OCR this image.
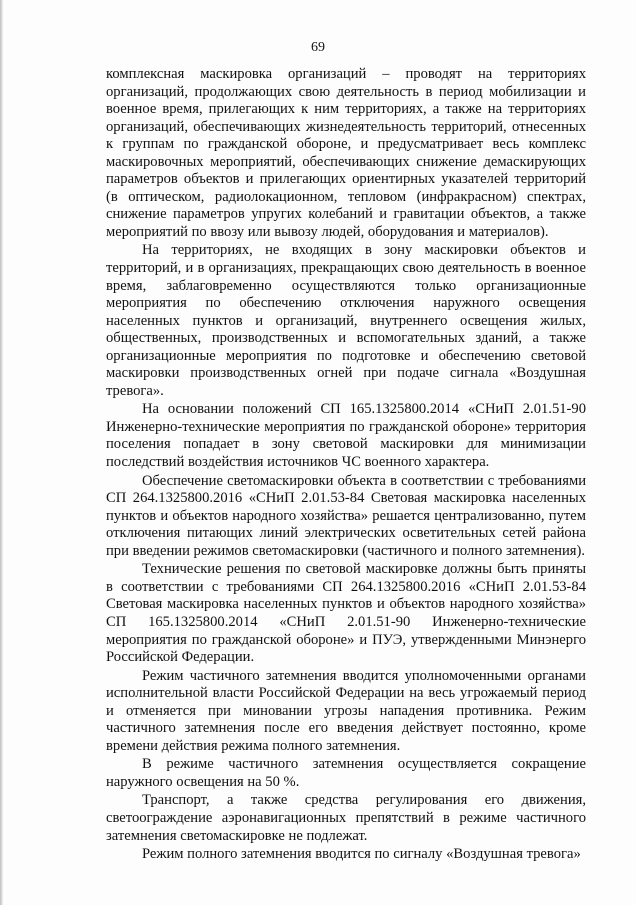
69

комплексная маскировка организаций – проводят на территориях организаций, продолжающих свою деятельность в период мобилизации и военное время, прилегающих к ним территориях, а также на территориях организаций, обеспечивающих жизнедеятельность территорий, отнесенных к группам по гражданской обороне, и предусматривает весь комплекс маскировочных мероприятий, обеспечивающих снижение демаскирующих параметров объектов и прилегающих ориентирных указателей территорий (в оптическом, радиолокационном, тепловом (инфракрасном) спектрах, снижение параметров упругих колебаний и гравитации объектов, а также мероприятий по ввозу или вывозу людей, оборудования и материалов).

На территориях, не входящих в зону маскировки объектов и территорий, и в организациях, прекращающих свою деятельность в военное время, заблаговременно осуществляются только организационные мероприятия по обеспечению отключения наружного освещения населенных пунктов и организаций, внутреннего освещения жилых, общественных, производственных и вспомогательных зданий, а также организационные мероприятия по подготовке и обеспечению световой маскировки производственных огней при подаче сигнала «Воздушная тревога».

На основании положений СП 165.1325800.2014 «СНиП 2.01.51-90 Инженерно-технические мероприятия по гражданской обороне» территория поселения попадает в зону световой маскировки для минимизации последствий воздействия источников ЧС военного характера.

Обеспечение светомаскировки объекта в соответствии с требованиями СП 264.1325800.2016 «СНиП 2.01.53-84 Световая маскировка населенных пунктов и объектов народного хозяйства» решается централизованно, путем отключения питающих линий электрических осветительных сетей района при введении режимов светомаскировки (частичного и полного затемнения).

Технические решения по световой маскировке должны быть приняты в соответствии с требованиями СП 264.1325800.2016 «СНиП 2.01.53-84 Световая маскировка населенных пунктов и объектов народного хозяйства» СП 165.1325800.2014 «СНиП 2.01.51-90 Инженерно-технические мероприятия по гражданской обороне» и ПУЭ, утвержденными Минэнерго Российской Федерации.

Режим частичного затемнения вводится уполномоченными органами исполнительной власти Российской Федерации на весь угрожаемый период и отменяется при миновании угрозы нападения противника. Режим частичного затемнения после его введения действует постоянно, кроме времени действия режима полного затемнения.

В режиме частичного затемнения осуществляется сокращение наружного освещения на 50 %.

Транспорт, а также средства регулирования его движения, светоограждение аэронавигационных препятствий в режиме частичного затемнения светомаскировке не подлежат.

Режим полного затемнения вводится по сигналу «Воздушная тревога»
